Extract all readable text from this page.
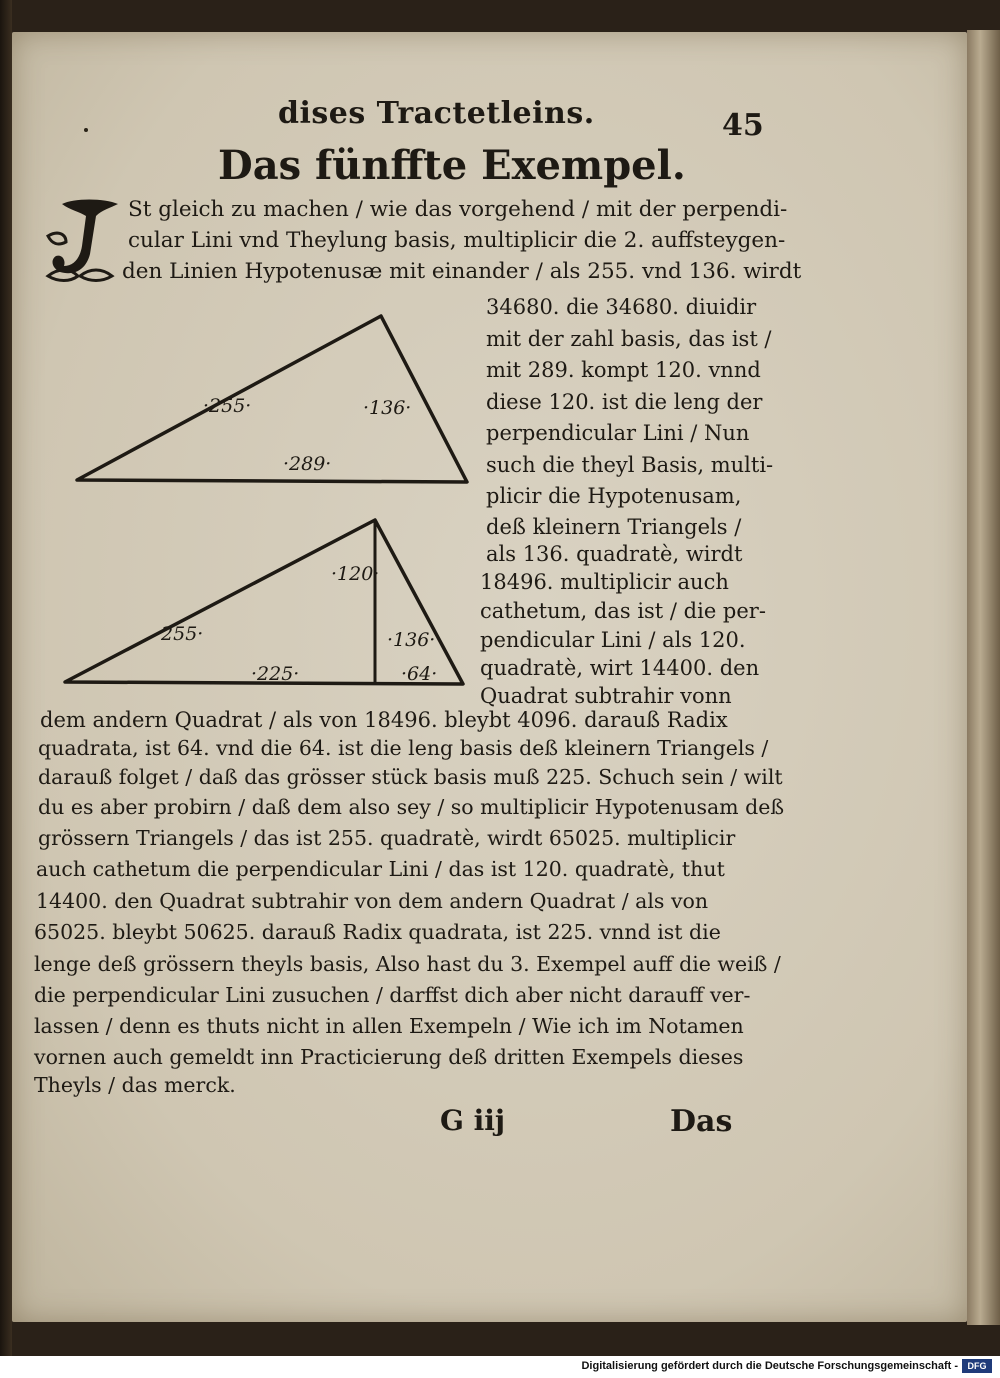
dises Tractetleins.	45
Das fünffte Exempel.
St gleich zu machen / wie das vorgehend / mit der perpendi-
cular Lini vnd Theylung basis, multiplicir die 2. auffsteygen-
den Linien Hypotenusæ mit einander / als 255. vnd 136. wirdt
34680. die 34680. diuidir
mit der zahl basis, das ist /
mit 289. kompt 120. vnnd
diese 120. ist die leng der
perpendicular Lini / Nun
such die theyl Basis, multi-
plicir die Hypotenusam,
deß kleinern Triangels /
als 136. quadratè, wirdt
18496. multiplicir auch
cathetum, das ist / die per-
pendicular Lini / als 120.
quadratè, wirt 14400. den
Quadrat subtrahir vonn
dem andern Quadrat / als von 18496. bleybt 4096. darauß Radix
quadrata, ist 64. vnd die 64. ist die leng basis deß kleinern Triangels /
darauß folget / daß das grösser stück basis muß 225. Schuch sein / wilt
du es aber probirn / daß dem also sey / so multiplicir Hypotenusam deß
grössern Triangels / das ist 255. quadratè, wirdt 65025. multiplicir
auch cathetum die perpendicular Lini / das ist 120. quadratè, thut
14400. den Quadrat subtrahir von dem andern Quadrat / als von
65025. bleybt 50625. darauß Radix quadrata, ist 225. vnnd ist die
lenge deß grössern theyls basis, Also hast du 3. Exempel auff die weiß /
die perpendicular Lini zusuchen / darffst dich aber nicht darauff ver-
lassen / denn es thuts nicht in allen Exempeln / Wie ich im Notamen
vornen auch gemeldt inn Practicierung deß dritten Exempels dieses
Theyls / das merck.
·255·	·136·
·289·
·120·
·255·	·136·
·225·	·64·
G iij	Das
Digitalisierung gefördert durch die Deutsche Forschungsgemeinschaft -	DFG
